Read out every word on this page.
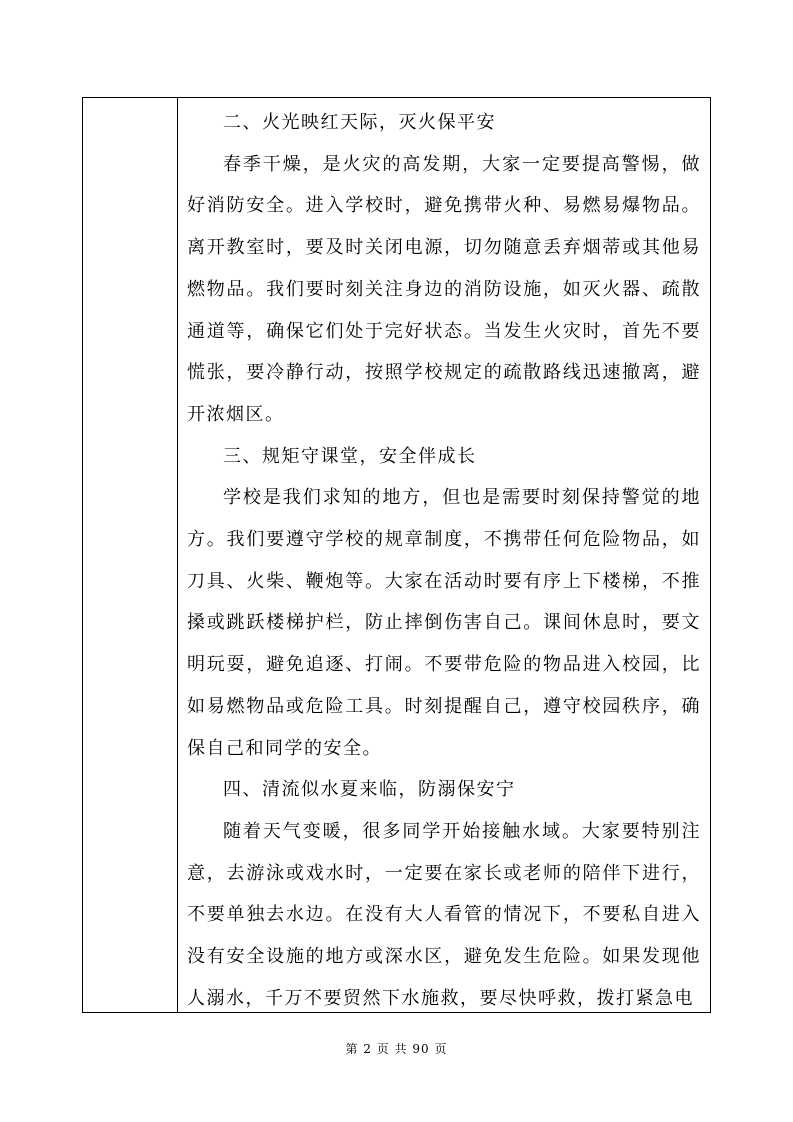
二、火光映红天际，灭火保平安

春季干燥，是火灾的高发期，大家一定要提高警惕，做好消防安全。进入学校时，避免携带火种、易燃易爆物品。离开教室时，要及时关闭电源，切勿随意丢弃烟蒂或其他易燃物品。我们要时刻关注身边的消防设施，如灭火器、疏散通道等，确保它们处于完好状态。当发生火灾时，首先不要慌张，要冷静行动，按照学校规定的疏散路线迅速撤离，避开浓烟区。

三、规矩守课堂，安全伴成长

学校是我们求知的地方，但也是需要时刻保持警觉的地方。我们要遵守学校的规章制度，不携带任何危险物品，如刀具、火柴、鞭炮等。大家在活动时要有序上下楼梯，不推搡或跳跃楼梯护栏，防止摔倒伤害自己。课间休息时，要文明玩耍，避免追逐、打闹。不要带危险的物品进入校园，比如易燃物品或危险工具。时刻提醒自己，遵守校园秩序，确保自己和同学的安全。

四、清流似水夏来临，防溺保安宁

随着天气变暖，很多同学开始接触水域。大家要特别注意，去游泳或戏水时，一定要在家长或老师的陪伴下进行，不要单独去水边。在没有大人看管的情况下，不要私自进入没有安全设施的地方或深水区，避免发生危险。如果发现他人溺水，千万不要贸然下水施救，要尽快呼救，拨打紧急电

第 2 页 共 90 页
